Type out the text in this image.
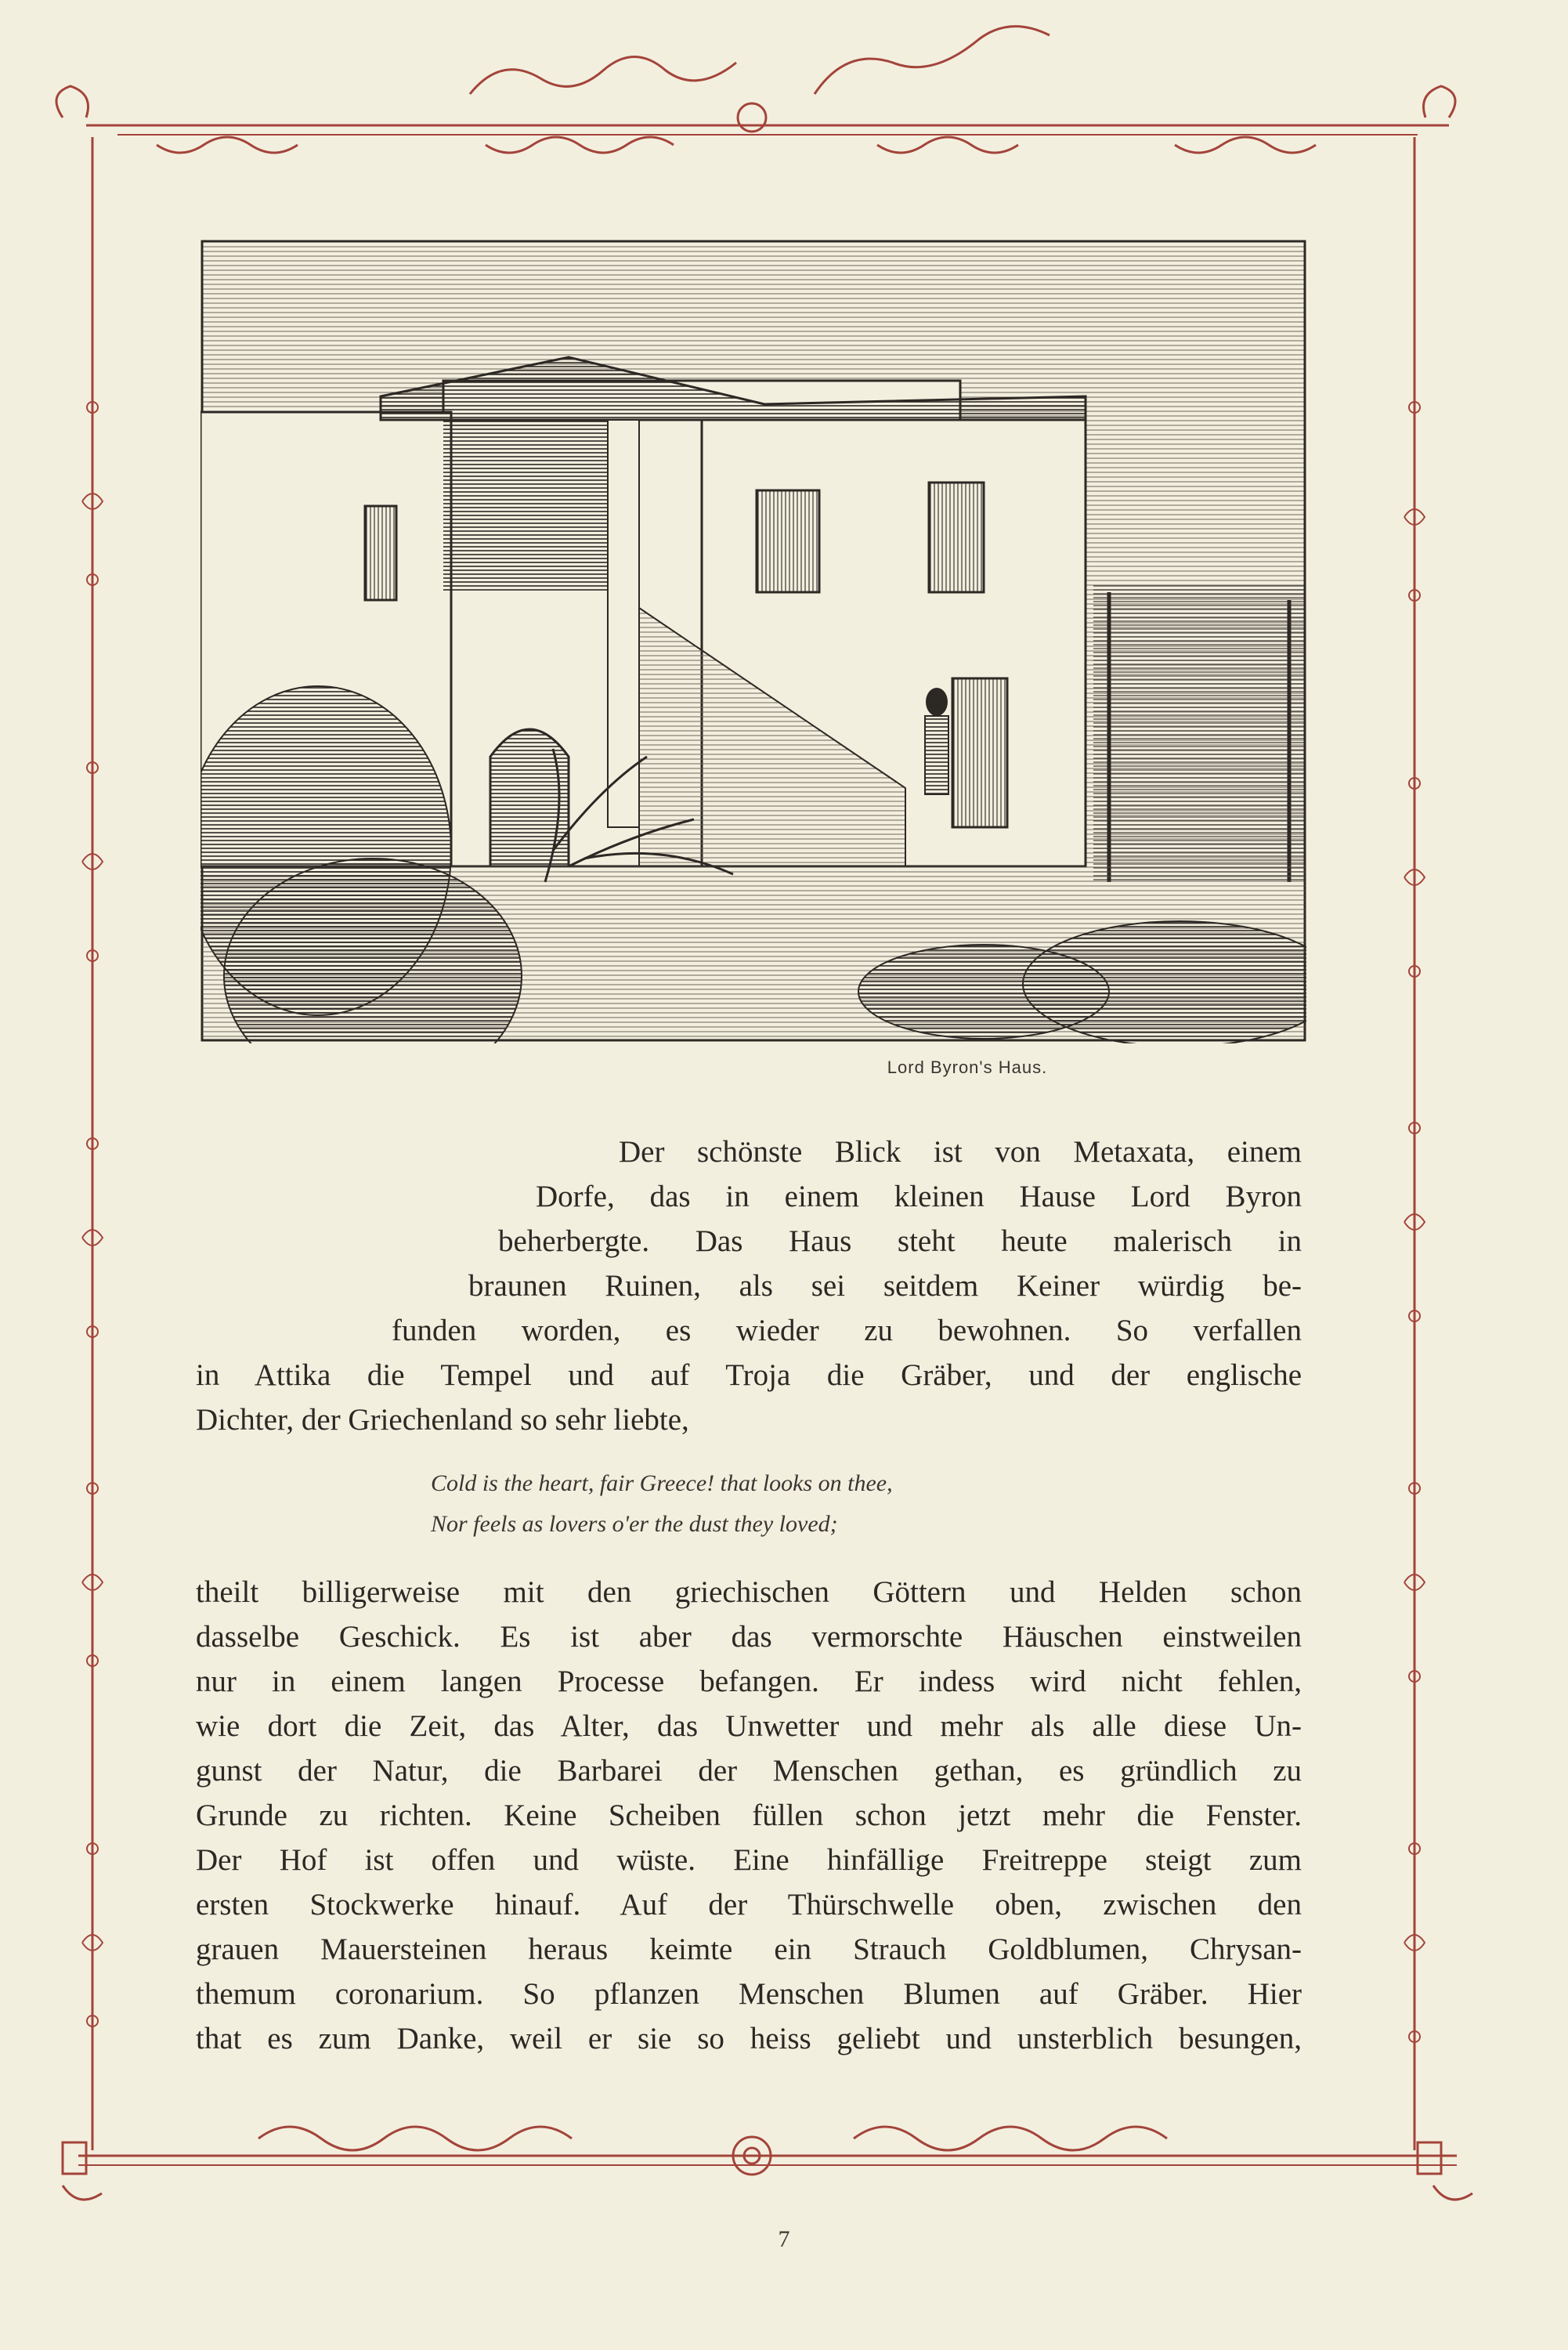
Lord Byron's Haus.
Der schönste Blick ist von Metaxata, einem
Dorfe, das in einem kleinen Hause Lord Byron
beherbergte. Das Haus steht heute malerisch in
braunen Ruinen, als sei seitdem Keiner würdig be-
funden worden, es wieder zu bewohnen. So verfallen
in Attika die Tempel und auf Troja die Gräber, und der englische
Dichter, der Griechenland so sehr liebte,
Cold is the heart, fair Greece! that looks on thee,
Nor feels as lovers o'er the dust they loved;
theilt billigerweise mit den griechischen Göttern und Helden schon
dasselbe Geschick. Es ist aber das vermorschte Häuschen einstweilen
nur in einem langen Processe befangen. Er indess wird nicht fehlen,
wie dort die Zeit, das Alter, das Unwetter und mehr als alle diese Un-
gunst der Natur, die Barbarei der Menschen gethan, es gründlich zu
Grunde zu richten. Keine Scheiben füllen schon jetzt mehr die Fenster.
Der Hof ist offen und wüste. Eine hinfällige Freitreppe steigt zum
ersten Stockwerke hinauf. Auf der Thürschwelle oben, zwischen den
grauen Mauersteinen heraus keimte ein Strauch Goldblumen, Chrysan-
themum coronarium. So pflanzen Menschen Blumen auf Gräber. Hier
that es zum Danke, weil er sie so heiss geliebt und unsterblich besungen,
7
